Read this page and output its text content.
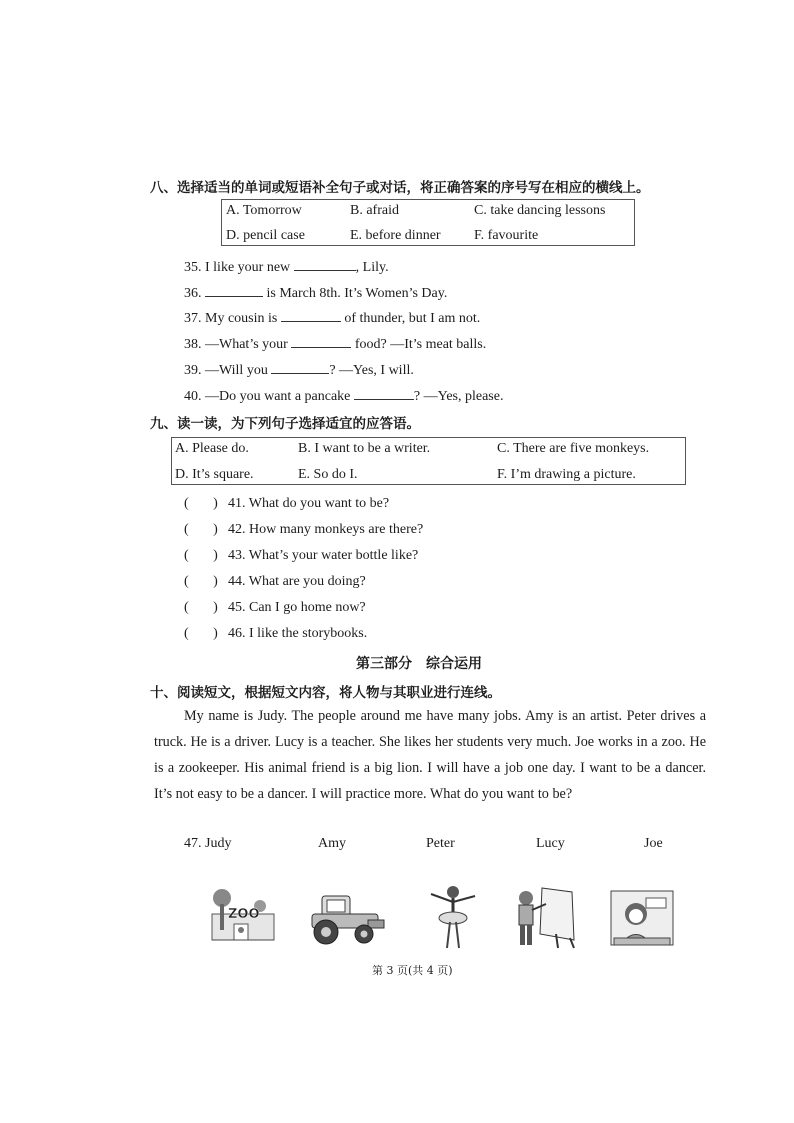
八、选择适当的单词或短语补全句子或对话，将正确答案的序号写在相应的横线上。
A. Tomorrow	B. afraid	C. take dancing lessons
D. pencil case	E. before dinner F. favourite
35. I like your new	, Lily.
36.	is March 8th. It’s Women’s Day.
37. My cousin is	of thunder, but I am not.
38. —What’s your	food? —It’s meat balls.
39. —Will you	? —Yes, I will.
40. —Do you want a pancake	? —Yes, please.
九、读一读，为下列句子选择适宜的应答语。
A. Please do.	B. I want to be a writer.	C. There are five monkeys.
D. It’s square.	E. So do I.	F. I’m drawing a picture.
(       ) 41. What do you want to be?
(       ) 42. How many monkeys are there?
(       ) 43. What’s your water bottle like?
(       ) 44. What are you doing?
(       ) 45. Can I go home now?
(       ) 46. I like the storybooks.
第三部分　综合运用
十、阅读短文，根据短文内容，将人物与其职业进行连线。
My name is Judy. The people around me have many jobs. Amy is an artist. Peter drives a truck. He is a driver. Lucy is a teacher. She likes her students very much. Joe works in a zoo. He is a zookeeper. His animal friend is a big lion. I will have a job one day. I want to be a dancer. It’s not easy to be a dancer. I will practice more. What do you want to be?
47. Judy	Amy	Peter	Lucy	Joe
ZOO
第 3 页(共 4 页)
